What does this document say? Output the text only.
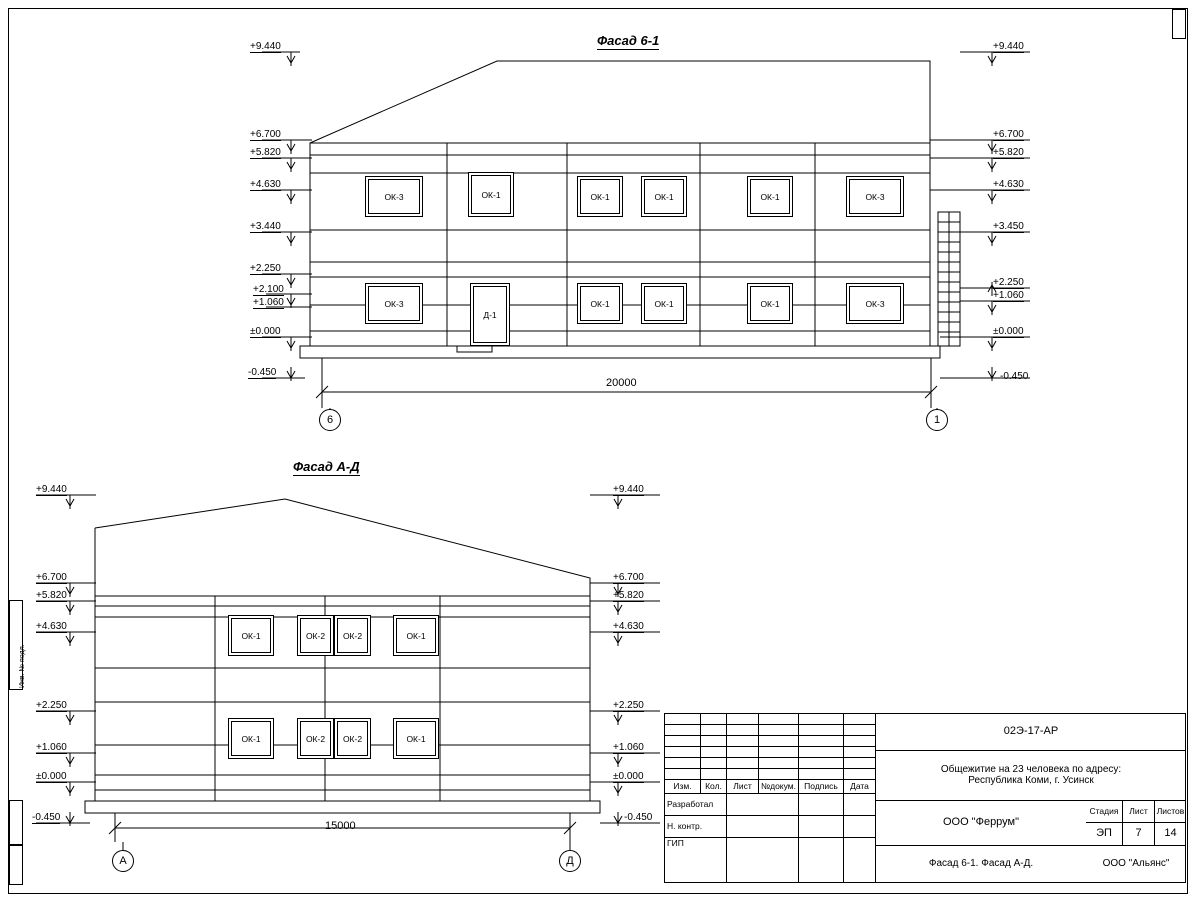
Инв. № подл.
Фасад 6-1
Фасад А-Д
ОК-3	ОК-1	ОК-1	ОК-1	ОК-1	ОК-3
ОК-3
Д-1
ОК-1	ОК-1	ОК-1	ОК-3
ОК-1	ОК-2 ОК-2	ОК-1
ОК-1	ОК-2 ОК-2	ОК-1
+9.440
+6.700
+5.820
+4.630
+3.440
+2.250
+2.100
+1.060
±0.000
-0.450
+9.440
+6.700
+5.820
+4.630
+3.450
+2.250
+1.060
±0.000
-0.450
20000
6	1
+9.440
+6.700
+5.820
+4.630
+2.250
+1.060
±0.000
-0.450
+9.440
+6.700
+5.820
+4.630
+2.250
+1.060
±0.000
-0.450
15000
А	Д
02Э-17-АР
Общежитие на 23 человека по адресу:
Республика Коми, г. Усинск
ООО "Феррум"
Фасад 6-1. Фасад А-Д.	ООО "Альянс"
Стадия Лист Листов
ЭП 7 14
Изм. Кол. Лист №докум. Подпись Дата
Разработал
Н. контр.
ГИП
